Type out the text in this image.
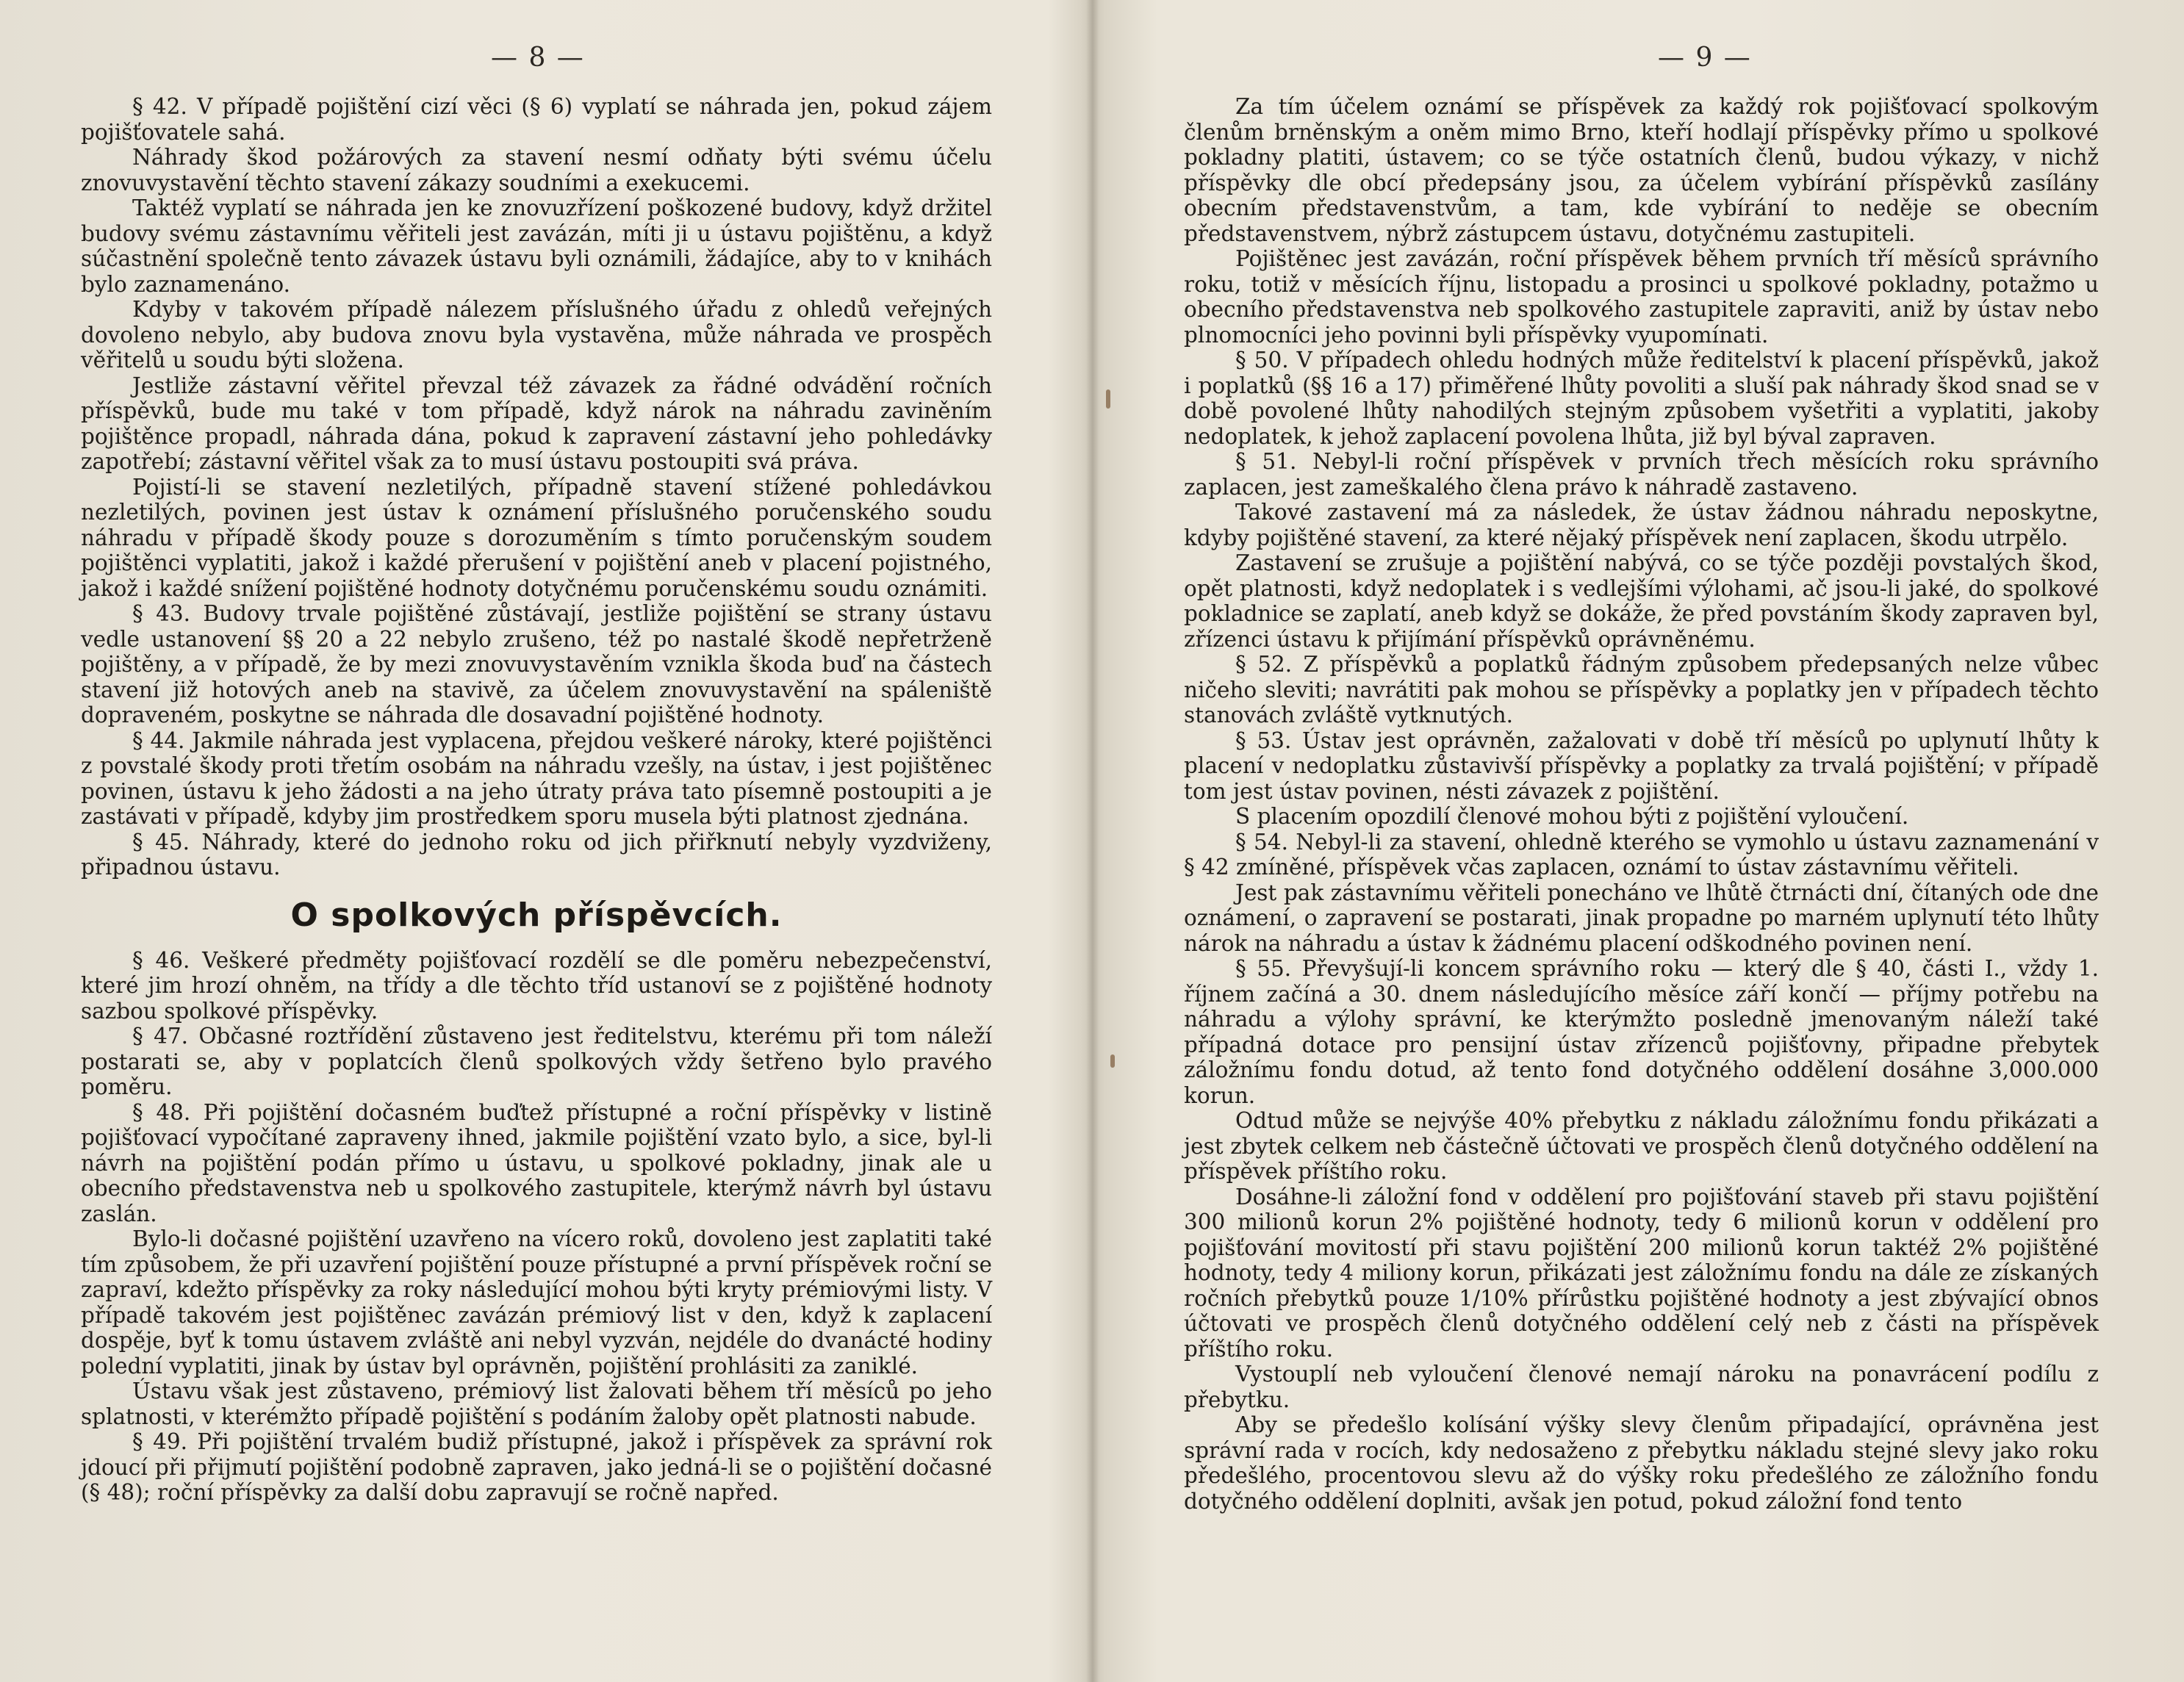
— 8 —

§ 42. V případě pojištění cizí věci (§ 6) vyplatí se náhrada jen, pokud zájem pojišťovatele sahá.

Náhrady škod požárových za stavení nesmí odňaty býti svému účelu znovuvystavění těchto stavení zákazy soudními a exekucemi.

Taktéž vyplatí se náhrada jen ke znovuzřízení poškozené budovy, když držitel budovy svému zástavnímu věřiteli jest zavázán, míti ji u ústavu pojištěnu, a když súčastnění společně tento závazek ústavu byli oznámili, žádajíce, aby to v knihách bylo zaznamenáno.

Kdyby v takovém případě nálezem příslušného úřadu z ohledů veřejných dovoleno nebylo, aby budova znovu byla vystavěna, může náhrada ve prospěch věřitelů u soudu býti složena.

Jestliže zástavní věřitel převzal též závazek za řádné odvádění ročních příspěvků, bude mu také v tom případě, když nárok na náhradu zaviněním pojištěnce propadl, náhrada dána, pokud k zapravení zástavní jeho pohledávky zapotřebí; zástavní věřitel však za to musí ústavu postoupiti svá práva.

Pojistí-li se stavení nezletilých, případně stavení stížené pohledávkou nezletilých, povinen jest ústav k oznámení příslušného poručenského soudu náhradu v případě škody pouze s dorozuměním s tímto poručenským soudem pojištěnci vyplatiti, jakož i každé přerušení v pojištění aneb v placení pojistného, jakož i každé snížení pojištěné hodnoty dotyčnému poručenskému soudu oznámiti.

§ 43. Budovy trvale pojištěné zůstávají, jestliže pojištění se strany ústavu vedle ustanovení §§ 20 a 22 nebylo zrušeno, též po nastalé škodě nepřetrženě pojištěny, a v případě, že by mezi znovuvystavěním vznikla škoda buď na částech stavení již hotových aneb na stavivě, za účelem znovuvystavění na spáleniště dopraveném, poskytne se náhrada dle dosavadní pojištěné hodnoty.

§ 44. Jakmile náhrada jest vyplacena, přejdou veškeré nároky, které pojištěnci z povstalé škody proti třetím osobám na náhradu vzešly, na ústav, i jest pojištěnec povinen, ústavu k jeho žádosti a na jeho útraty práva tato písemně postoupiti a je zastávati v případě, kdyby jim prostředkem sporu musela býti platnost zjednána.

§ 45. Náhrady, které do jednoho roku od jich přiřknutí nebyly vyzdviženy, připadnou ústavu.

O spolkových příspěvcích.

§ 46. Veškeré předměty pojišťovací rozdělí se dle poměru nebezpečenství, které jim hrozí ohněm, na třídy a dle těchto tříd ustanoví se z pojištěné hodnoty sazbou spolkové příspěvky.

§ 47. Občasné roztřídění zůstaveno jest ředitelstvu, kterému při tom náleží postarati se, aby v poplatcích členů spolkových vždy šetřeno bylo pravého poměru.

§ 48. Při pojištění dočasném buďtež přístupné a roční příspěvky v listině pojišťovací vypočítané zapraveny ihned, jakmile pojištění vzato bylo, a sice, byl-li návrh na pojištění podán přímo u ústavu, u spolkové pokladny, jinak ale u obecního představenstva neb u spolkového zastupitele, kterýmž návrh byl ústavu zaslán.

Bylo-li dočasné pojištění uzavřeno na vícero roků, dovoleno jest zaplatiti také tím způsobem, že při uzavření pojištění pouze přístupné a první příspěvek roční se zapraví, kdežto příspěvky za roky následující mohou býti kryty prémiovými listy. V případě takovém jest pojištěnec zavázán prémiový list v den, když k zaplacení dospěje, byť k tomu ústavem zvláště ani nebyl vyzván, nejdéle do dvanácté hodiny polední vyplatiti, jinak by ústav byl oprávněn, pojištění prohlásiti za zaniklé.

Ústavu však jest zůstaveno, prémiový list žalovati během tří měsíců po jeho splatnosti, v kterémžto případě pojištění s podáním žaloby opět platnosti nabude.

§ 49. Při pojištění trvalém budiž přístupné, jakož i příspěvek za správní rok jdoucí při přijmutí pojištění podobně zapraven, jako jedná-li se o pojištění dočasné (§ 48); roční příspěvky za další dobu zapravují se ročně napřed.

— 9 —

Za tím účelem oznámí se příspěvek za každý rok pojišťovací spolkovým členům brněnským a oněm mimo Brno, kteří hodlají příspěvky přímo u spolkové pokladny platiti, ústavem; co se týče ostatních členů, budou výkazy, v nichž příspěvky dle obcí předepsány jsou, za účelem vybírání příspěvků zasílány obecním představenstvům, a tam, kde vybírání to neděje se obecním představenstvem, nýbrž zástupcem ústavu, dotyčnému zastupiteli.

Pojištěnec jest zavázán, roční příspěvek během prvních tří měsíců správního roku, totiž v měsících říjnu, listopadu a prosinci u spolkové pokladny, potažmo u obecního představenstva neb spolkového zastupitele zapraviti, aniž by ústav nebo plnomocníci jeho povinni byli příspěvky vyupomínati.

§ 50. V případech ohledu hodných může ředitelství k placení příspěvků, jakož i poplatků (§§ 16 a 17) přiměřené lhůty povoliti a sluší pak náhrady škod snad se v době povolené lhůty nahodilých stejným způsobem vyšetřiti a vyplatiti, jakoby nedoplatek, k jehož zaplacení povolena lhůta, již byl býval zapraven.

§ 51. Nebyl-li roční příspěvek v prvních třech měsících roku správního zaplacen, jest zameškalého člena právo k náhradě zastaveno.

Takové zastavení má za následek, že ústav žádnou náhradu neposkytne, kdyby pojištěné stavení, za které nějaký příspěvek není zaplacen, škodu utrpělo.

Zastavení se zrušuje a pojištění nabývá, co se týče později povstalých škod, opět platnosti, když nedoplatek i s vedlejšími výlohami, ač jsou-li jaké, do spolkové pokladnice se zaplatí, aneb když se dokáže, že před povstáním škody zapraven byl, zřízenci ústavu k přijímání příspěvků oprávněnému.

§ 52. Z příspěvků a poplatků řádným způsobem předepsaných nelze vůbec ničeho sleviti; navrátiti pak mohou se příspěvky a poplatky jen v případech těchto stanovách zvláště vytknutých.

§ 53. Ústav jest oprávněn, zažalovati v době tří měsíců po uplynutí lhůty k placení v nedoplatku zůstavivší příspěvky a poplatky za trvalá pojištění; v případě tom jest ústav povinen, nésti závazek z pojištění.

S placením opozdilí členové mohou býti z pojištění vyloučení.

§ 54. Nebyl-li za stavení, ohledně kterého se vymohlo u ústavu zaznamenání v § 42 zmíněné, příspěvek včas zaplacen, oznámí to ústav zástavnímu věřiteli.

Jest pak zástavnímu věřiteli ponecháno ve lhůtě čtrnácti dní, čítaných ode dne oznámení, o zapravení se postarati, jinak propadne po marném uplynutí této lhůty nárok na náhradu a ústav k žádnému placení odškodného povinen není.

§ 55. Převyšují-li koncem správního roku — který dle § 40, části I., vždy 1. říjnem začíná a 30. dnem následujícího měsíce září končí — příjmy potřebu na náhradu a výlohy správní, ke kterýmžto posledně jmenovaným náleží také případná dotace pro pensijní ústav zřízenců pojišťovny, připadne přebytek záložnímu fondu dotud, až tento fond dotyčného oddělení dosáhne 3,000.000 korun.

Odtud může se nejvýše 40% přebytku z nákladu záložnímu fondu přikázati a jest zbytek celkem neb částečně účtovati ve prospěch členů dotyčného oddělení na příspěvek příštího roku.

Dosáhne-li záložní fond v oddělení pro pojišťování staveb při stavu pojištění 300 milionů korun 2% pojištěné hodnoty, tedy 6 milionů korun v oddělení pro pojišťování movitostí při stavu pojištění 200 milionů korun taktéž 2% pojištěné hodnoty, tedy 4 miliony korun, přikázati jest záložnímu fondu na dále ze získaných ročních přebytků pouze 1/10% přírůstku pojištěné hodnoty a jest zbývající obnos účtovati ve prospěch členů dotyčného oddělení celý neb z části na příspěvek příštího roku.

Vystouplí neb vyloučení členové nemají nároku na ponavrácení podílu z přebytku.

Aby se předešlo kolísání výšky slevy členům připadající, oprávněna jest správní rada v rocích, kdy nedosaženo z přebytku nákladu stejné slevy jako roku předešlého, procentovou slevu až do výšky roku předešlého ze záložního fondu dotyčného oddělení doplniti, avšak jen potud, pokud záložní fond tento
